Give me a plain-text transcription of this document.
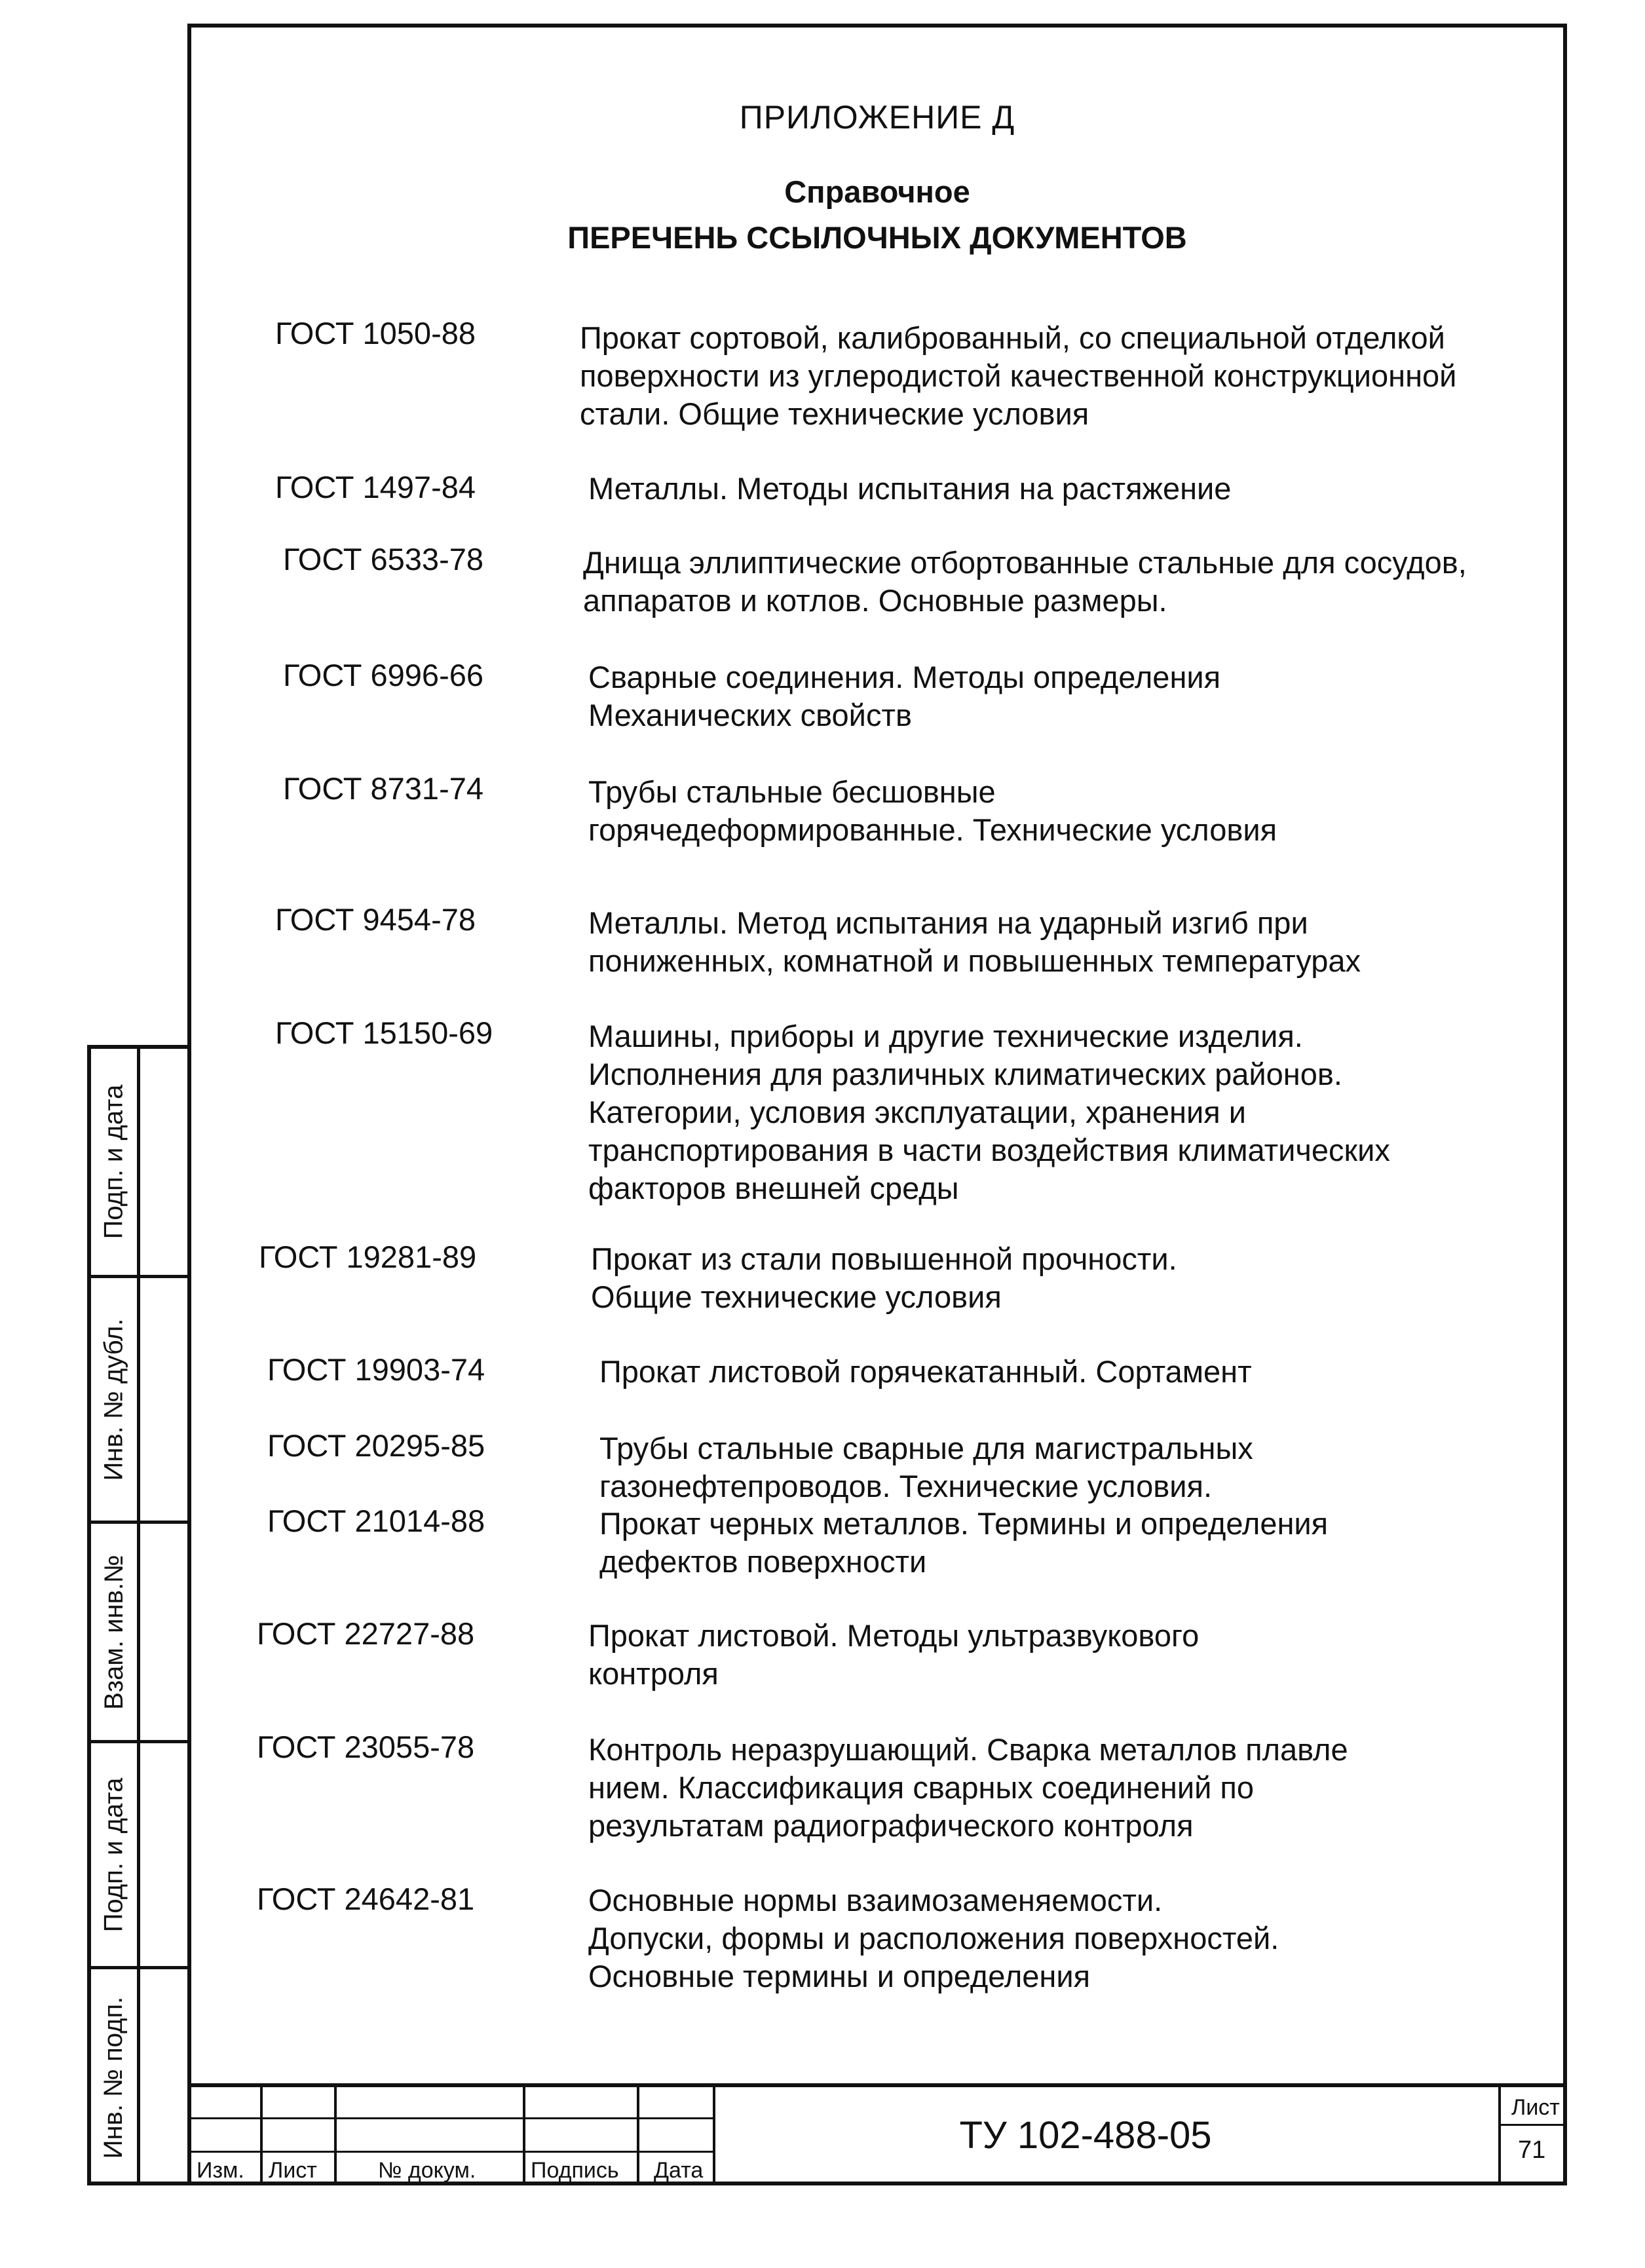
Подп. и дата
Инв. № дубл.
Взам. инв.№
Подп. и дата
Инв. № подп.
ПРИЛОЖЕНИЕ Д
Справочное
ПЕРЕЧЕНЬ ССЫЛОЧНЫХ ДОКУМЕНТОВ
ГОСТ 1050-88	Прокат сортовой, калиброванный, со специальной отделкой
поверхности из углеродистой качественной конструкционной
стали. Общие технические условия
ГОСТ 1497-84	Металлы. Методы испытания на растяжение
ГОСТ 6533-78	Днища эллиптические отбортованные стальные для сосудов,
аппаратов и котлов. Основные размеры.
ГОСТ 6996-66	Сварные соединения. Методы определения
Механических свойств
ГОСТ 8731-74	Трубы стальные бесшовные
горячедеформированные. Технические условия
ГОСТ 9454-78	Металлы. Метод испытания на ударный изгиб при
пониженных, комнатной и повышенных температурах
ГОСТ 15150-69	Машины, приборы и другие технические изделия.
Исполнения для различных климатических районов.
Категории, условия эксплуатации, хранения и
транспортирования в части воздействия климатических
факторов внешней среды
ГОСТ 19281-89	Прокат из стали повышенной прочности.
Общие технические условия
ГОСТ 19903-74	Прокат листовой горячекатанный. Сортамент
ГОСТ 20295-85	Трубы стальные сварные для магистральных
газонефтепроводов. Технические условия.
ГОСТ 21014-88	Прокат черных металлов. Термины и определения
дефектов поверхности
ГОСТ 22727-88	Прокат листовой. Методы ультразвукового
контроля
ГОСТ 23055-78	Контроль неразрушающий. Сварка металлов плавле
нием. Классификация сварных соединений по
результатам радиографического контроля
ГОСТ 24642-81	Основные нормы взаимозаменяемости.
Допуски, формы и расположения поверхностей.
Основные термины и определения
Изм. Лист	№ докум. Подпись Дата
ТУ 102-488-05
Лист
71
